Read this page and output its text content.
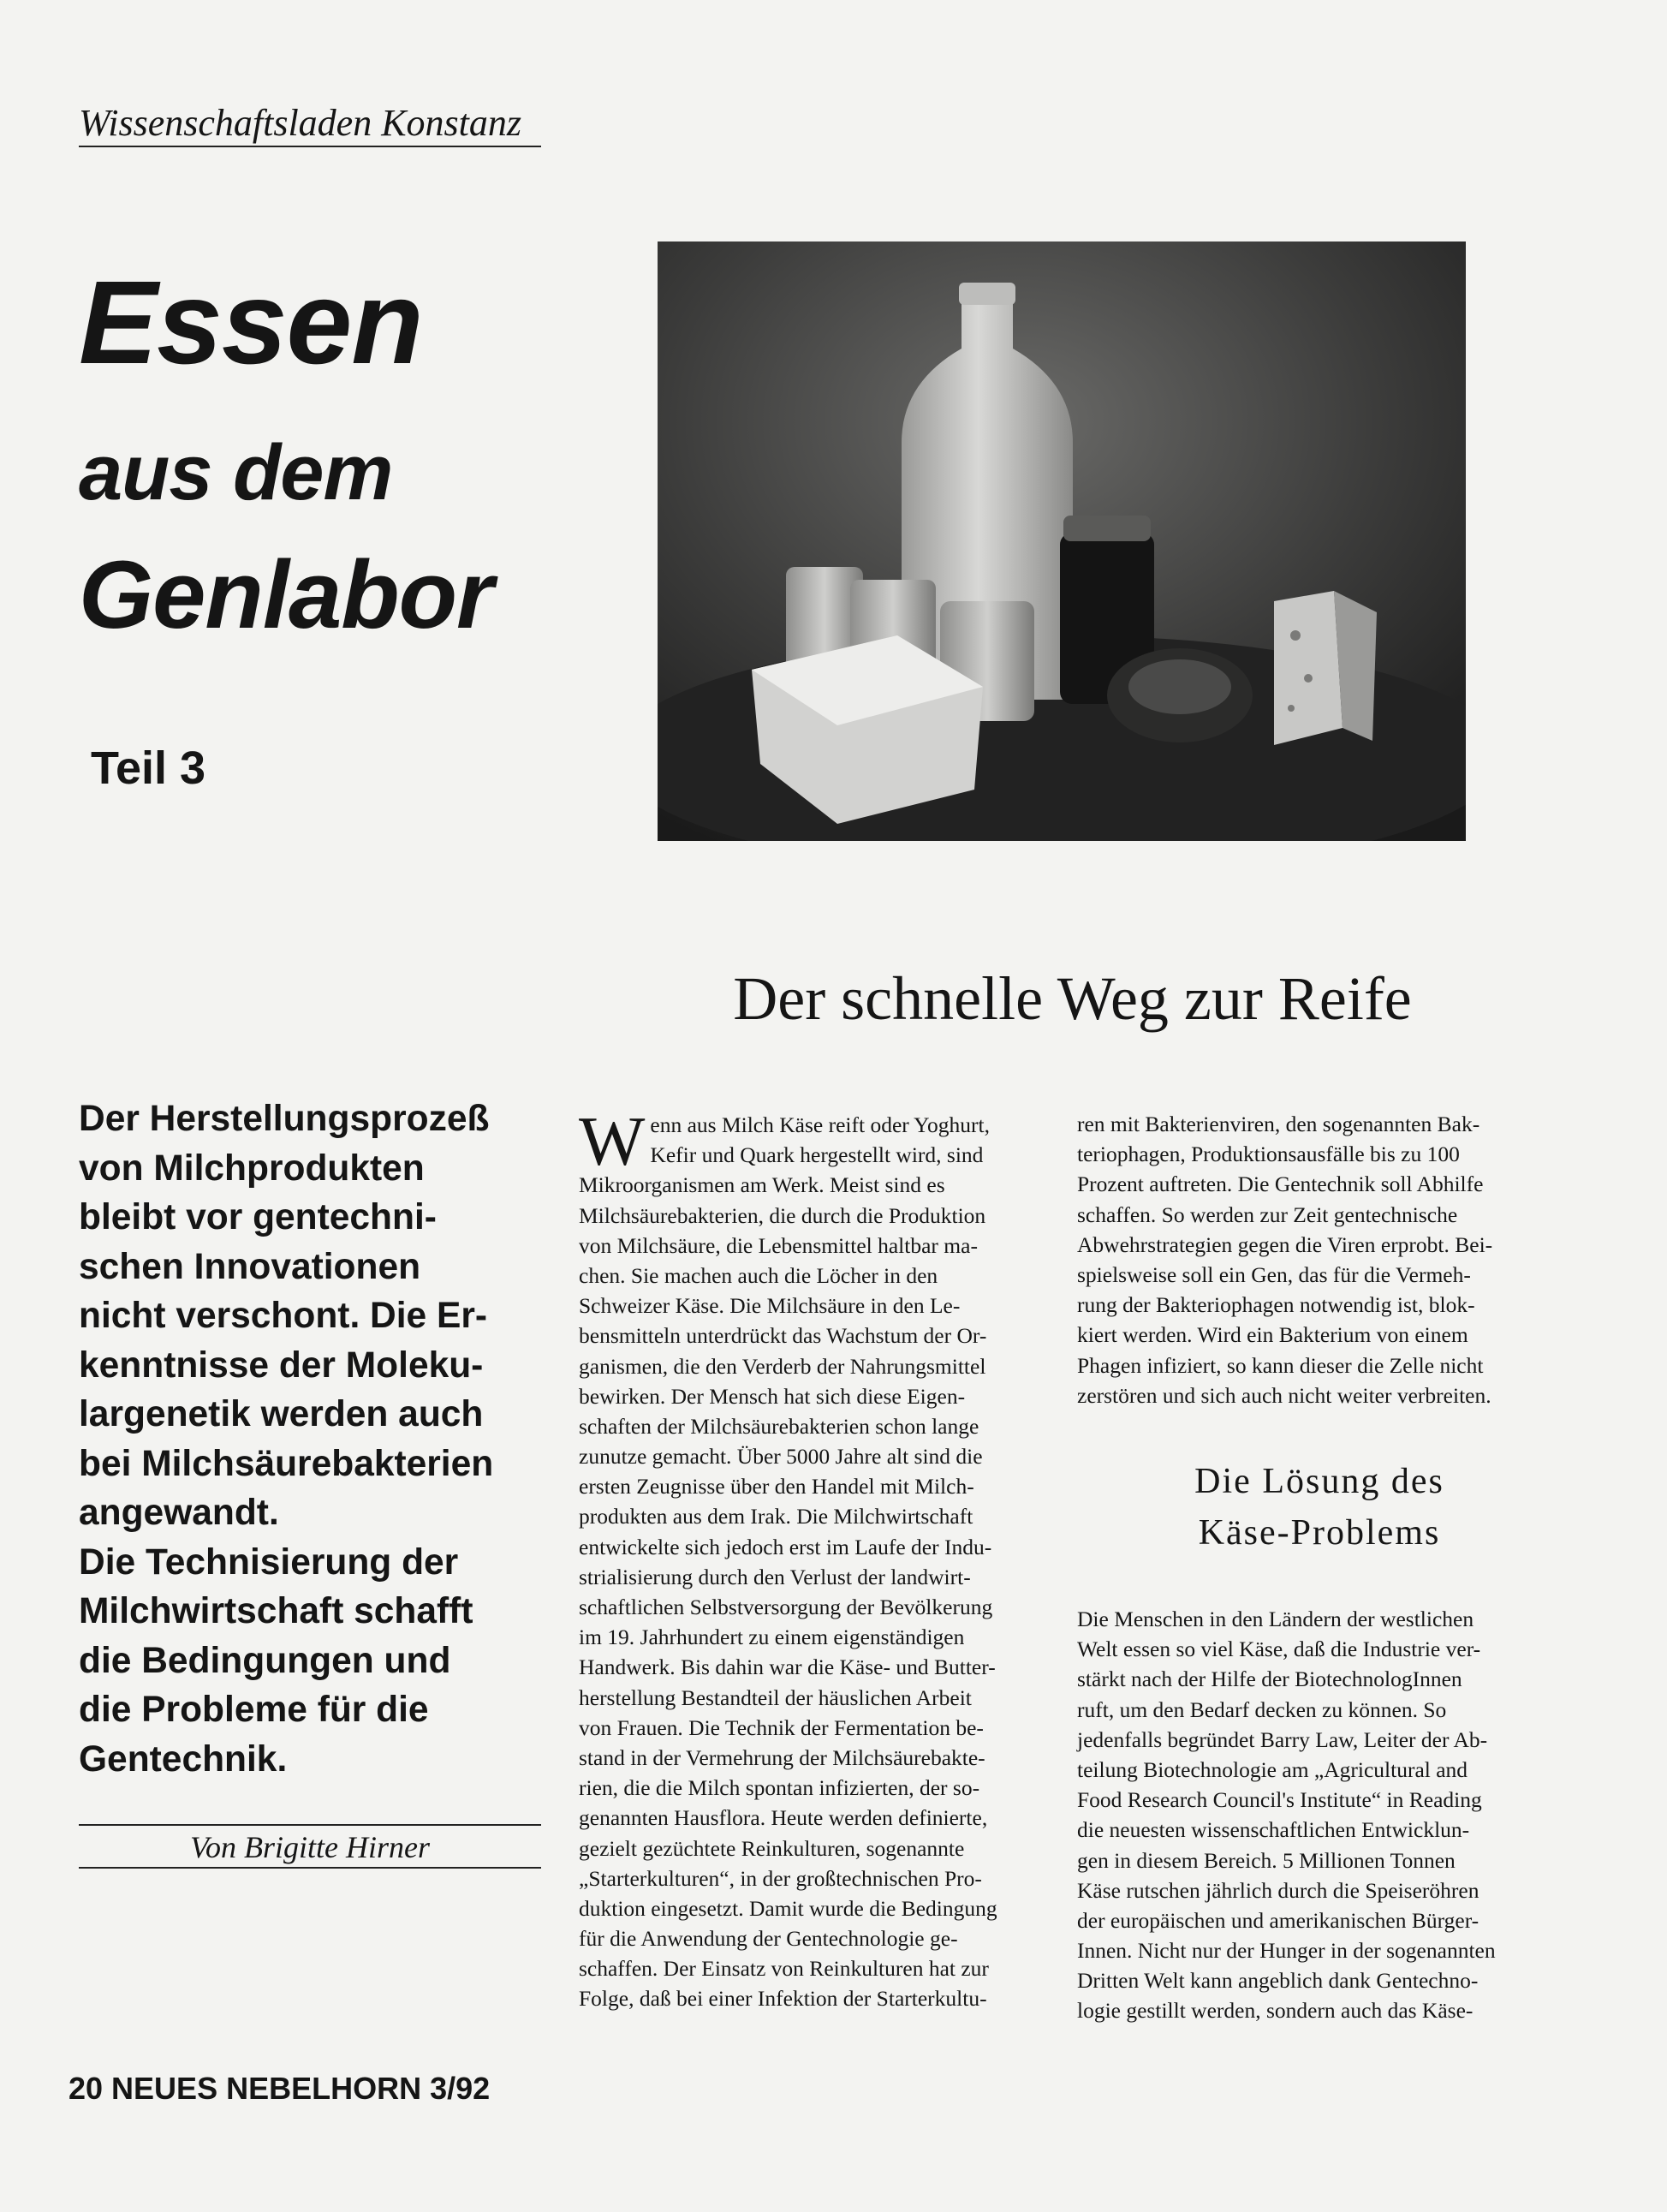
Wissenschaftsladen Konstanz
Essen
aus dem
Genlabor
Teil 3
Der schnelle Weg zur Reife
Der Herstellungsprozeß
von Milchprodukten
bleibt vor gentechni-
schen Innovationen
nicht verschont. Die Er-
kenntnisse der Moleku-
largenetik werden auch
bei Milchsäurebakterien
angewandt.
Die Technisierung der
Milchwirtschaft schafft
die Bedingungen und
die Probleme für die
Gentechnik.
Von Brigitte Hirner
W enn aus Milch Käse reift oder Yoghurt,
Kefir und Quark hergestellt wird, sind
Mikroorganismen am Werk. Meist sind es
Milchsäurebakterien, die durch die Produktion
von Milchsäure, die Lebensmittel haltbar ma-
chen. Sie machen auch die Löcher in den
Schweizer Käse. Die Milchsäure in den Le-
bensmitteln unterdrückt das Wachstum der Or-
ganismen, die den Verderb der Nahrungsmittel
bewirken. Der Mensch hat sich diese Eigen-
schaften der Milchsäurebakterien schon lange
zunutze gemacht. Über 5000 Jahre alt sind die
ersten Zeugnisse über den Handel mit Milch-
produkten aus dem Irak. Die Milchwirtschaft
entwickelte sich jedoch erst im Laufe der Indu-
strialisierung durch den Verlust der landwirt-
schaftlichen Selbstversorgung der Bevölkerung
im 19. Jahrhundert zu einem eigenständigen
Handwerk. Bis dahin war die Käse- und Butter-
herstellung Bestandteil der häuslichen Arbeit
von Frauen. Die Technik der Fermentation be-
stand in der Vermehrung der Milchsäurebakte-
rien, die die Milch spontan infizierten, der so-
genannten Hausflora. Heute werden definierte,
gezielt gezüchtete Reinkulturen, sogenannte
„Starterkulturen“, in der großtechnischen Pro-
duktion eingesetzt. Damit wurde die Bedingung
für die Anwendung der Gentechnologie ge-
schaffen. Der Einsatz von Reinkulturen hat zur
Folge, daß bei einer Infektion der Starterkultu-
ren mit Bakterienviren, den sogenannten Bak-
teriophagen, Produktionsausfälle bis zu 100
Prozent auftreten. Die Gentechnik soll Abhilfe
schaffen. So werden zur Zeit gentechnische
Abwehrstrategien gegen die Viren erprobt. Bei-
spielsweise soll ein Gen, das für die Vermeh-
rung der Bakteriophagen notwendig ist, blok-
kiert werden. Wird ein Bakterium von einem
Phagen infiziert, so kann dieser die Zelle nicht
zerstören und sich auch nicht weiter verbreiten.
Die Lösung des
Käse-Problems
Die Menschen in den Ländern der westlichen
Welt essen so viel Käse, daß die Industrie ver-
stärkt nach der Hilfe der BiotechnologInnen
ruft, um den Bedarf decken zu können. So
jedenfalls begründet Barry Law, Leiter der Ab-
teilung Biotechnologie am „Agricultural and
Food Research Council's Institute“ in Reading
die neuesten wissenschaftlichen Entwicklun-
gen in diesem Bereich. 5 Millionen Tonnen
Käse rutschen jährlich durch die Speiseröhren
der europäischen und amerikanischen Bürger-
Innen. Nicht nur der Hunger in der sogenannten
Dritten Welt kann angeblich dank Gentechno-
logie gestillt werden, sondern auch das Käse-
20 NEUES NEBELHORN 3/92
